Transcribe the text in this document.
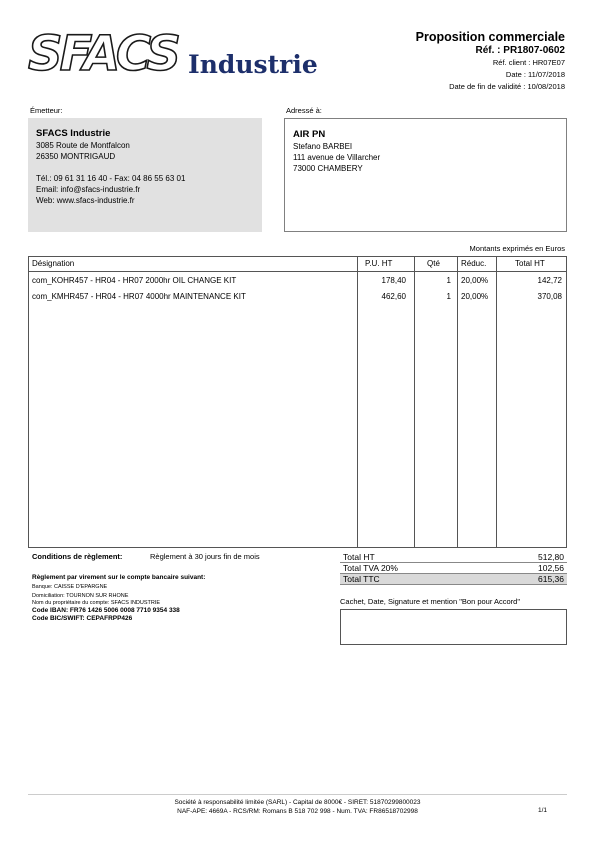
SFACS Industrie
Proposition commerciale
Réf. : PR1807-0602
Réf. client : HR07E07
Date : 11/07/2018
Date de fin de validité : 10/08/2018
Émetteur:
SFACS Industrie
3085 Route de Montfalcon
26350 MONTRIGAUD
Tél.: 09 61 31 16 40 - Fax: 04 86 55 63 01
Email: info@sfacs-industrie.fr
Web: www.sfacs-industrie.fr
Adressé à:
AIR PN
Stefano BARBEI
111 avenue de Villarcher
73000 CHAMBERY
Montants exprimés en Euros
Désignation	P.U. HT	Qté	Réduc.	Total HT
com_KOHR457 - HR04 - HR07 2000hr OIL CHANGE KIT	178,40	1 20,00%	142,72
com_KMHR457 - HR04 - HR07 4000hr MAINTENANCE KIT	462,60	1 20,00%	370,08
Conditions de règlement:	Règlement à 30 jours fin de mois
Règlement par virement sur le compte bancaire suivant:
Banque: CAISSE D'EPARGNE
Domiciliation: TOURNON SUR RHONE
Nom du propriétaire du compte: SFACS INDUSTRIE
Code IBAN: FR76 1426 5006 0008 7710 9354 338
Code BIC/SWIFT: CEPAFRPP426
Total HT	512,80
Total TVA 20%	102,56
Total TTC	615,36
Cachet, Date, Signature et mention "Bon pour Accord"
Société à responsabilité limitée (SARL) - Capital de 8000€ - SIRET: 51870299800023
NAF-APE: 4669A - RCS/RM: Romans B 518 702 998 - Num. TVA: FR86518702998	1/1
